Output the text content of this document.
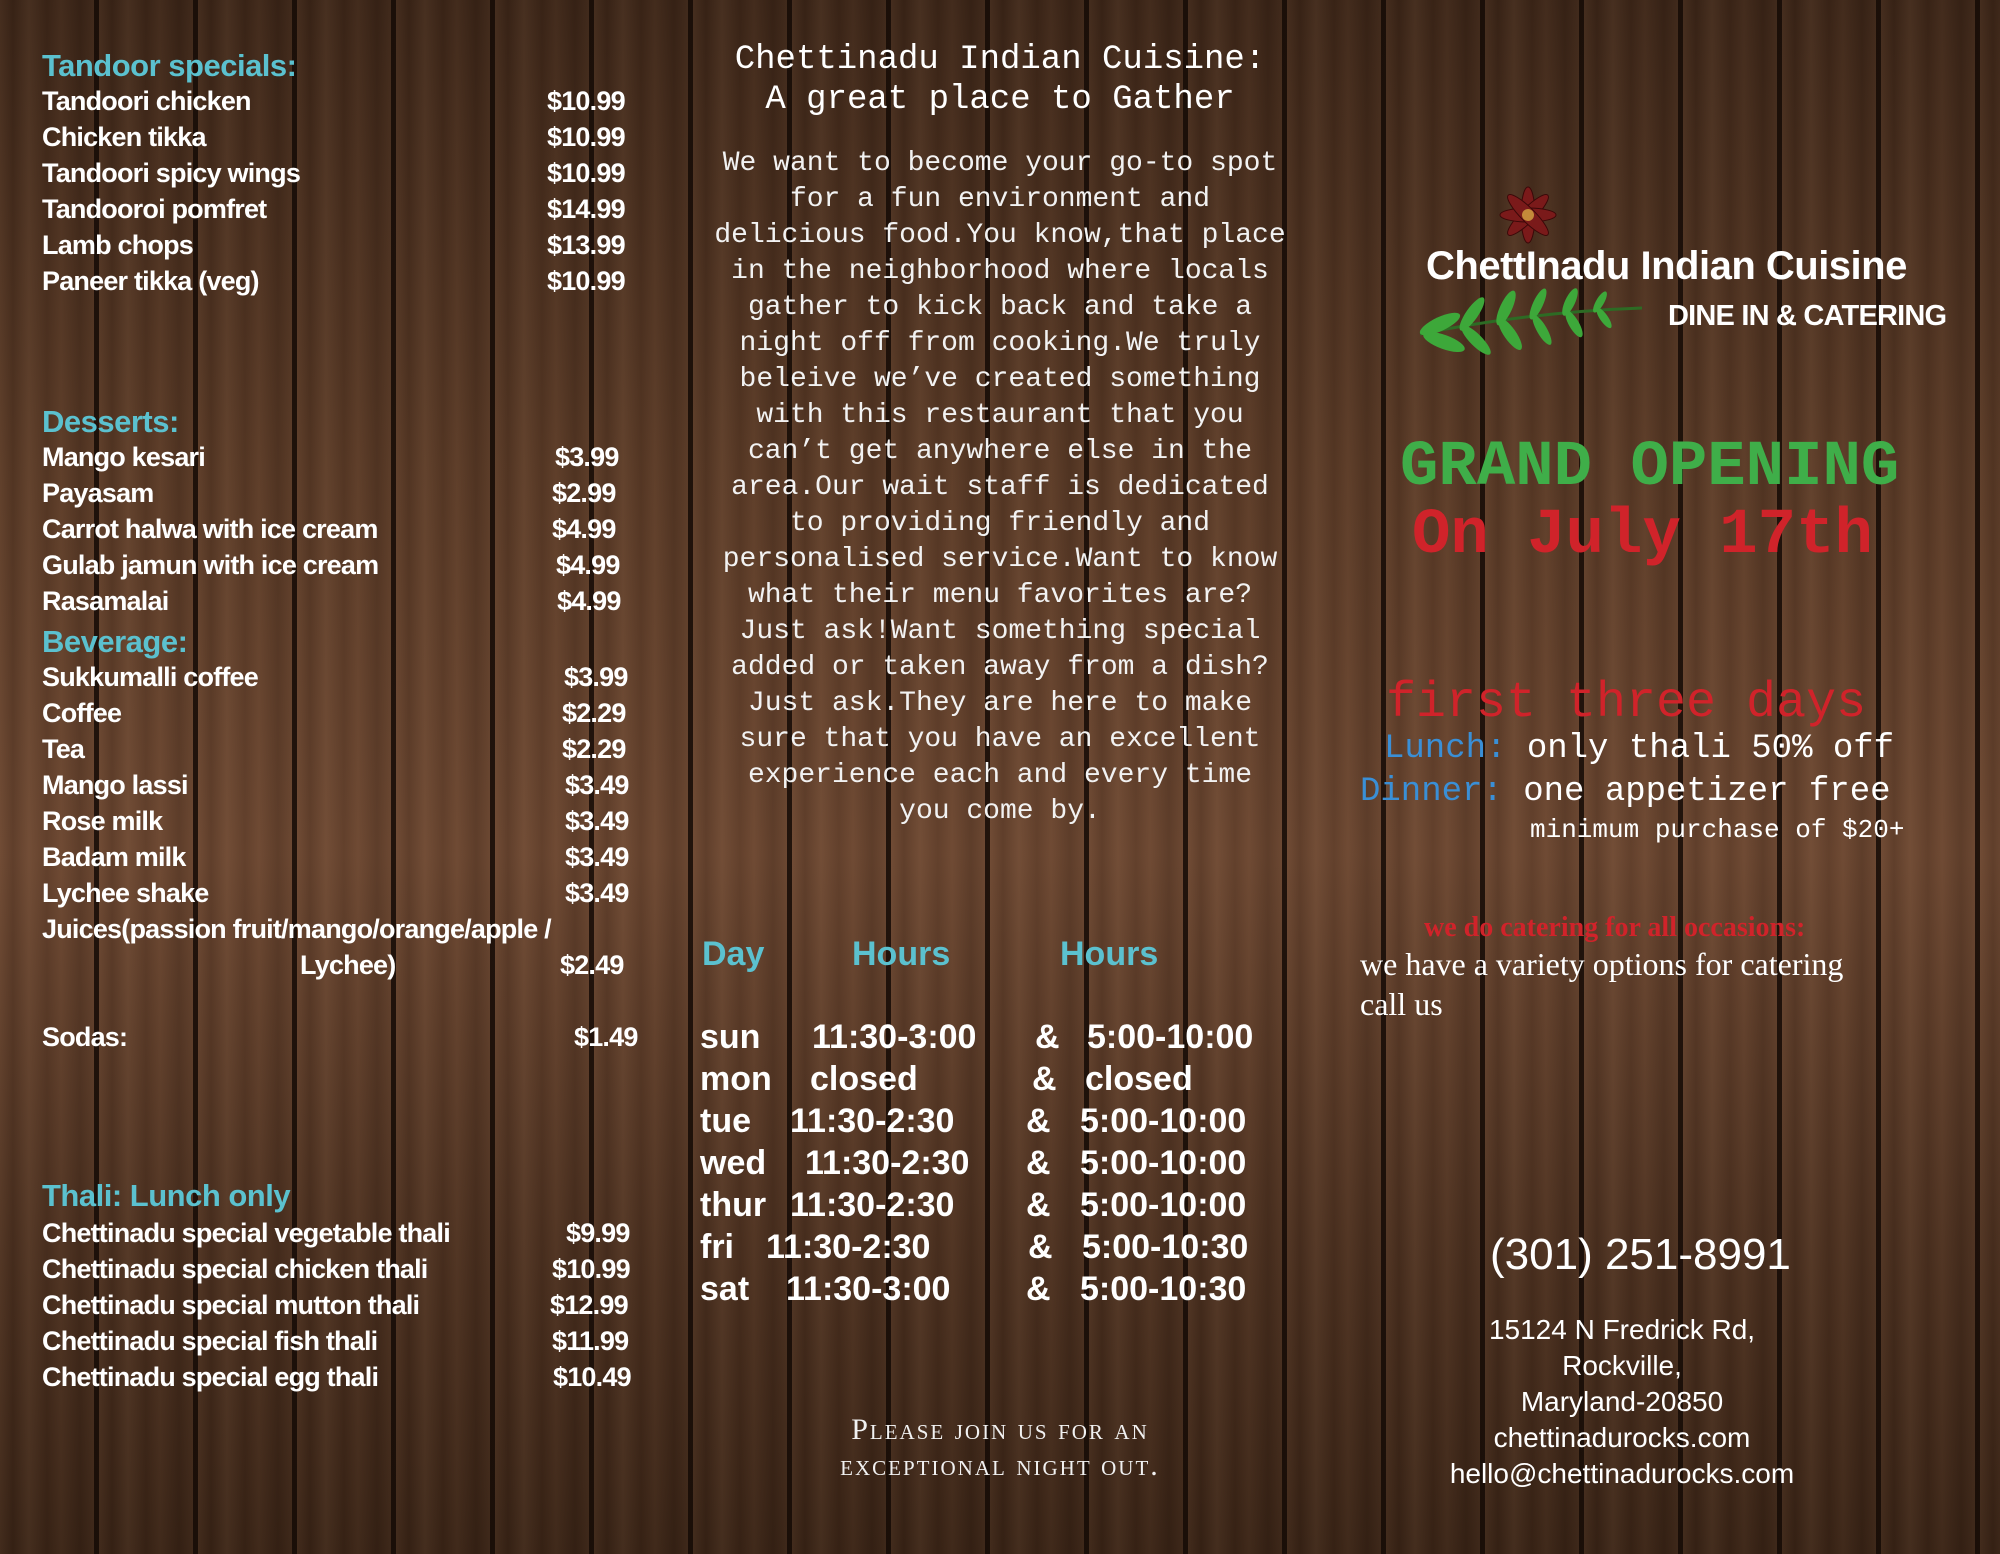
Tandoor specials:
Tandoori chicken	$10.99
Chicken tikka	$10.99
Tandoori spicy wings	$10.99
Tandooroi pomfret	$14.99
Lamb chops	$13.99
Paneer tikka (veg)	$10.99
Desserts:
Mango kesari	$3.99
Payasam	$2.99
Carrot halwa with ice cream	$4.99
Gulab jamun with ice cream	$4.99
Rasamalai	$4.99
Beverage:
Sukkumalli coffee	$3.99
Coffee	$2.29
Tea	$2.29
Mango lassi	$3.49
Rose milk	$3.49
Badam milk	$3.49
Lychee shake	$3.49
Juices(passion fruit/mango/orange/apple /
Lychee)	$2.49
Sodas:	$1.49
Thali: Lunch only
Chettinadu special vegetable thali	$9.99
Chettinadu special chicken thali	$10.99
Chettinadu special mutton thali	$12.99
Chettinadu special fish thali	$11.99
Chettinadu special egg thali	$10.49
Chettinadu Indian Cuisine:
A great place to Gather
We want to become your go-to spot
for a fun environment and
delicious food.You know,that place
in the neighborhood where locals
gather to kick back and take a
night off from cooking.We truly
beleive we’ve created something
with this restaurant that you
can’t get anywhere else in the
area.Our wait staff is dedicated
to providing friendly and
personalised service.Want to know
what their menu favorites are?
Just ask!Want something special
added or taken away from a dish?
Just ask.They are here to make
sure that you have an excellent
experience each and every time
you come by.
Day	Hours	Hours
sun 11:30-3:00 & 5:00-10:00
mon closed	& closed
tue 11:30-2:30 & 5:00-10:00
wed 11:30-2:30 & 5:00-10:00
thur 11:30-2:30 & 5:00-10:00
fri 11:30-2:30	& 5:00-10:30
sat 11:30-3:00 & 5:00-10:30
Please join us for an
exceptional night out.
ChettInadu Indian Cuisine
DINE IN & CATERING
GRAND OPENING
On July 17th
first three days
Lunch: only thali 50% off
Dinner: one appetizer free
minimum purchase of $20+
we do catering for all occasions:
we have a variety options for catering
call us
(301) 251-8991
15124 N Fredrick Rd,
Rockville,
Maryland-20850
chettinadurocks.com
hello@chettinadurocks.com
